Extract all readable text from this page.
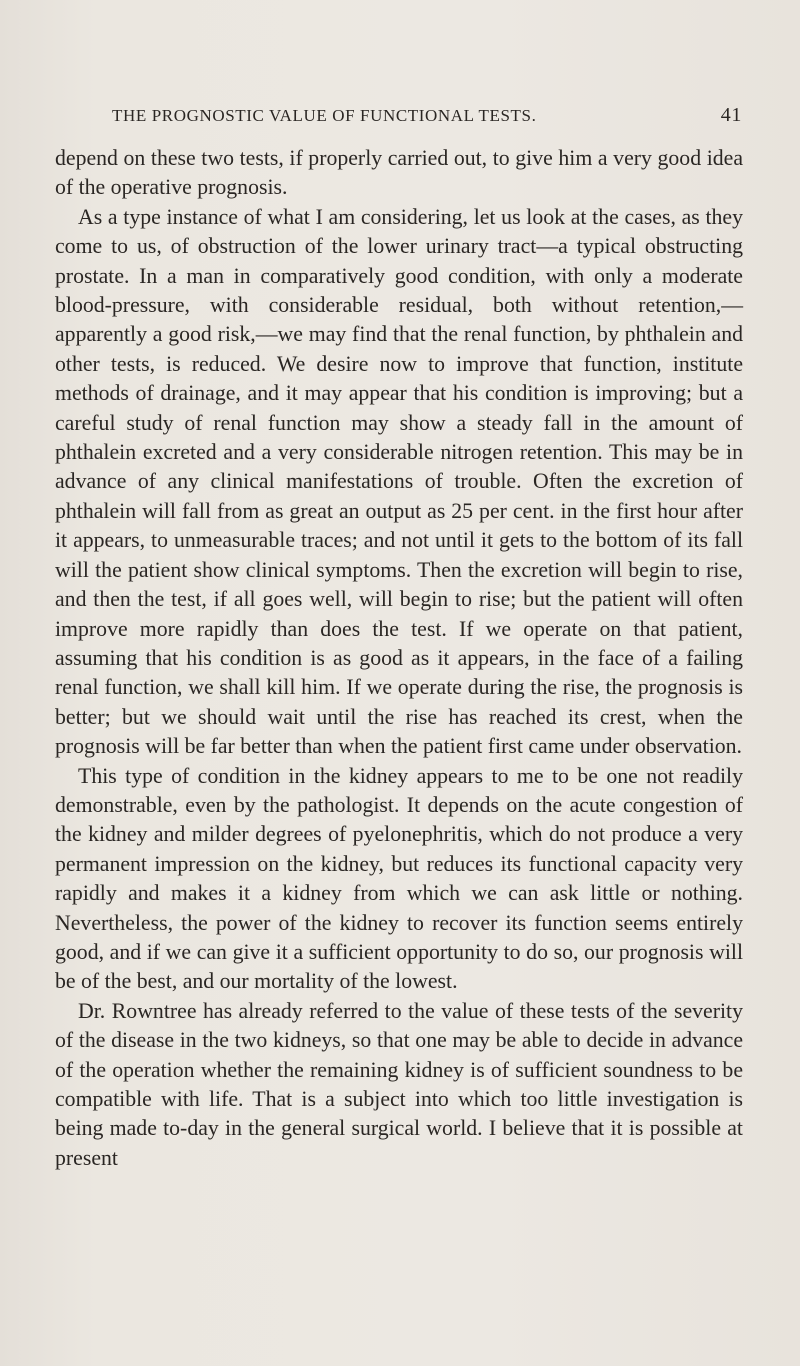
THE PROGNOSTIC VALUE OF FUNCTIONAL TESTS.	41

depend on these two tests, if properly carried out, to give him a very good idea of the operative prognosis.

As a type instance of what I am considering, let us look at the cases, as they come to us, of obstruction of the lower urinary tract—a typical obstructing prostate. In a man in comparatively good condition, with only a moderate blood-pressure, with considerable residual, both without retention,—apparently a good risk,—we may find that the renal function, by phthalein and other tests, is reduced. We desire now to improve that function, institute methods of drainage, and it may appear that his condition is improving; but a careful study of renal function may show a steady fall in the amount of phthalein excreted and a very considerable nitrogen retention. This may be in advance of any clinical manifestations of trouble. Often the excretion of phthalein will fall from as great an output as 25 per cent. in the first hour after it appears, to unmeasurable traces; and not until it gets to the bottom of its fall will the patient show clinical symptoms. Then the excretion will begin to rise, and then the test, if all goes well, will begin to rise; but the patient will often improve more rapidly than does the test. If we operate on that patient, assuming that his condition is as good as it appears, in the face of a failing renal function, we shall kill him. If we operate during the rise, the prognosis is better; but we should wait until the rise has reached its crest, when the prognosis will be far better than when the patient first came under observation.

This type of condition in the kidney appears to me to be one not readily demonstrable, even by the pathologist. It depends on the acute congestion of the kidney and milder degrees of pyelonephritis, which do not produce a very permanent impression on the kidney, but reduces its functional capacity very rapidly and makes it a kidney from which we can ask little or nothing. Nevertheless, the power of the kidney to recover its function seems entirely good, and if we can give it a sufficient opportunity to do so, our prognosis will be of the best, and our mortality of the lowest.

Dr. Rowntree has already referred to the value of these tests of the severity of the disease in the two kidneys, so that one may be able to decide in advance of the operation whether the remaining kidney is of sufficient soundness to be compatible with life. That is a subject into which too little investigation is being made to-day in the general surgical world. I believe that it is possible at present
